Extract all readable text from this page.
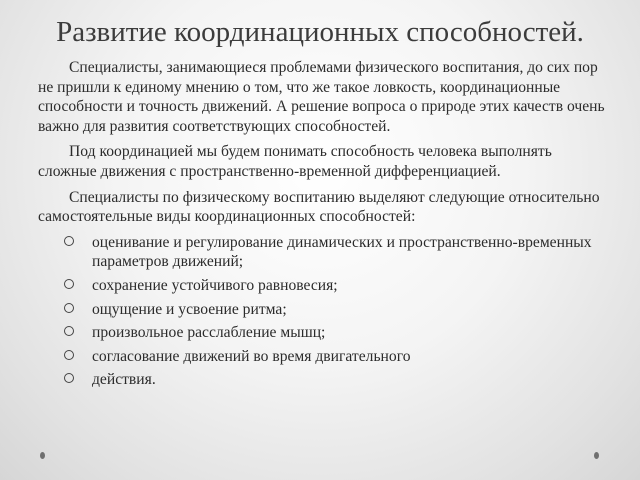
Развитие координационных способностей.

Специалисты, занимающиеся проблемами физического воспитания, до сих пор не пришли к единому мнению о том, что же такое ловкость, координационные способности и точность движений. А решение вопроса о природе этих качеств очень важно для развития соответствующих способностей.

Под координацией мы будем понимать способность человека выполнять сложные движения с пространственно-временной дифференциацией.

Специалисты по физическому воспитанию выделяют следующие относительно самостоятельные виды координационных способностей:

оценивание и регулирование динамических и пространственно-временных параметров движений;
сохранение устойчивого равновесия;
ощущение и усвоение ритма;
произвольное расслабление мышц;
согласование движений во время двигательного
действия.
